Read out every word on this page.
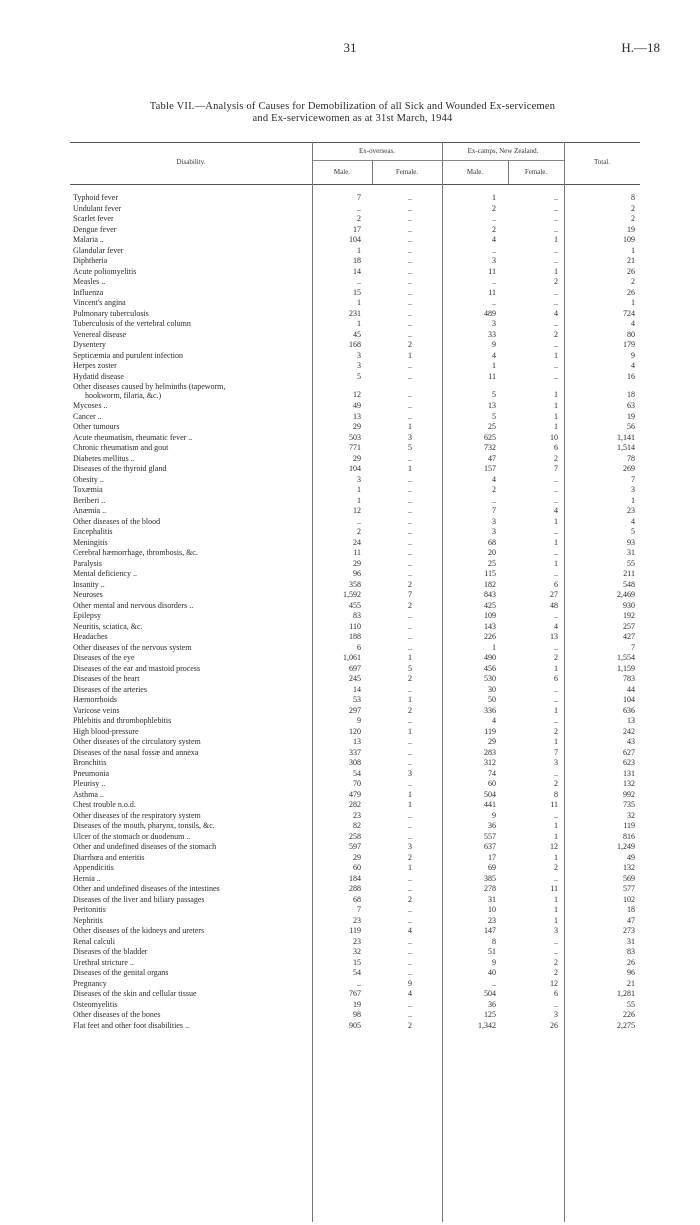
31	H.—18
Table VII.—Analysis of Causes for Demobilization of all Sick and Wounded Ex-servicemen
and Ex-servicewomen as at 31st March, 1944
Disability.
Ex-overseas.	Ex-camps, New Zealand.
Male.	Female.	Male.	Female.
Total.
Typhoid fever	7	..	1	..	8
Undulant fever	..	..	2	..	2
Scarlet fever	2	..	..	..	2
Dengue fever	17	..	2	..	19
Malaria ..	104	..	4	1	109
Glandular fever	1	..	..	..	1
Diphtheria	18	..	3	..	21
Acute poliomyelitis	14	..	11	1	26
Measles ..	..	..	..	2	2
Influenza	15	..	11	..	26
Vincent's angina	1	..	..	..	1
Pulmonary tuberculosis	231	..	489	4	724
Tuberculosis of the vertebral column	1	..	3	..	4
Venereal disease	45	..	33	2	80
Dysentery	168	2	9	..	179
Septicæmia and purulent infection	3	1	4	1	9
Herpes zoster	3	..	1	..	4
Hydatid disease	5	..	11	..	16
Other diseases caused by helminths (tapeworm,
hookworm, filaria, &c.)	12	..	5	1	18
Mycoses ..	49	..	13	1	63
Cancer ..	13	..	5	1	19
Other tumours	29	1	25	1	56
Acute rheumatism, rheumatic fever ..	503	3	625	10	1,141
Chronic rheumatism and gout	771	5	732	6	1,514
Diabetes mellitus ..	29	..	47	2	78
Diseases of the thyroid gland	104	1	157	7	269
Obesity ..	3	..	4	..	7
Toxæmia	1	..	2	..	3
Beriberi ..	1	..	..	..	1
Anæmia ..	12	..	7	4	23
Other diseases of the blood	..	..	3	1	4
Encephalitis	2	..	3	..	5
Meningitis	24	..	68	1	93
Cerebral hæmorrhage, thrombosis, &c.	11	..	20	..	31
Paralysis	29	..	25	1	55
Mental deficiency ..	96	..	115	..	211
Insanity ..	358	2	182	6	548
Neuroses	1,592	7	843	27	2,469
Other mental and nervous disorders ..	455	2	425	48	930
Epilepsy	83	..	109	..	192
Neuritis, sciatica, &c.	110	..	143	4	257
Headaches	188	..	226	13	427
Other diseases of the nervous system	6	..	1	..	7
Diseases of the eye	1,061	1	490	2	1,554
Diseases of the ear and mastoid process	697	5	456	1	1,159
Diseases of the heart	245	2	530	6	783
Diseases of the arteries	14	..	30	..	44
Hæmorrhoids	53	1	50	..	104
Varicose veins	297	2	336	1	636
Phlebitis and thrombophlebitis	9	..	4	..	13
High blood-pressure	120	1	119	2	242
Other diseases of the circulatory system	13	..	29	1	43
Diseases of the nasal fossæ and annexa	337	..	283	7	627
Bronchitis	308	..	312	3	623
Pneumonia	54	3	74	..	131
Pleurisy ..	70	..	60	2	132
Asthma ..	479	1	504	8	992
Chest trouble n.o.d.	282	1	441	11	735
Other diseases of the respiratory system	23	..	9	..	32
Diseases of the mouth, pharynx, tonsils, &c.	82	..	36	1	119
Ulcer of the stomach or duodenum ..	258	..	557	1	816
Other and undefined diseases of the stomach	597	3	637	12	1,249
Diarrhœa and enteritis	29	2	17	1	49
Appendicitis	60	1	69	2	132
Hernia ..	184	..	385	..	569
Other and undefined diseases of the intestines	288	..	278	11	577
Diseases of the liver and biliary passages	68	2	31	1	102
Peritonitis	7	..	10	1	18
Nephritis	23	..	23	1	47
Other diseases of the kidneys and ureters	119	4	147	3	273
Renal calculi	23	..	8	..	31
Diseases of the bladder	32	..	51	..	83
Urethral stricture ..	15	..	9	2	26
Diseases of the genital organs	54	..	40	2	96
Pregnancy	..	9	..	12	21
Diseases of the skin and cellular tissue	767	4	504	6	1,281
Osteomyelitis	19	..	36	..	55
Other diseases of the bones	98	..	125	3	226
Flat feet and other foot disabilities ..	905	2	1,342	26	2,275
